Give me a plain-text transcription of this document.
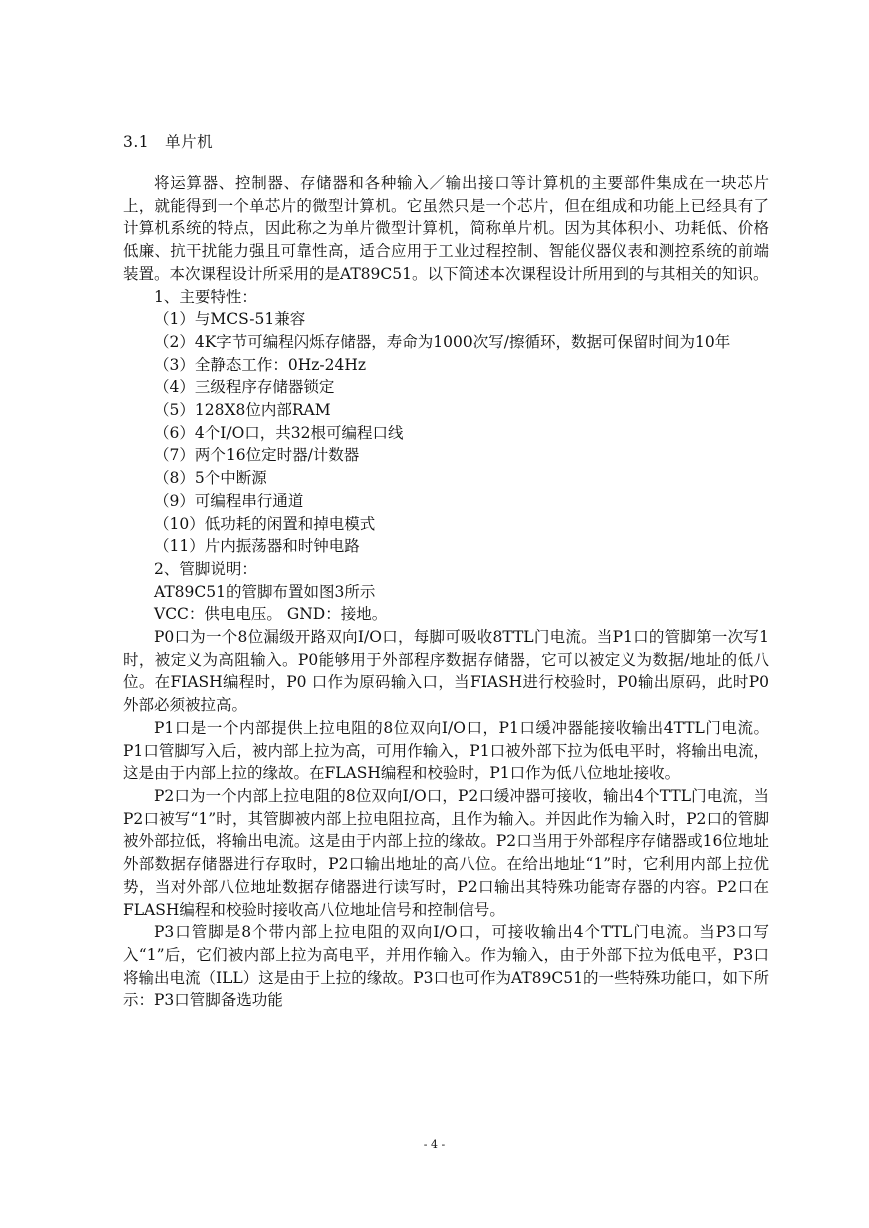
3.1　单片机

将运算器、控制器、存储器和各种输入／输出接口等计算机的主要部件集成在一块芯片上，就能得到一个单芯片的微型计算机。它虽然只是一个芯片，但在组成和功能上已经具有了计算机系统的特点，因此称之为单片微型计算机，简称单片机。因为其体积小、功耗低、价格低廉、抗干扰能力强且可靠性高，适合应用于工业过程控制、智能仪器仪表和测控系统的前端装置。本次课程设计所采用的是AT89C51。以下简述本次课程设计所用到的与其相关的知识。

1、主要特性：

（1）与MCS-51兼容

（2）4K字节可编程闪烁存储器，寿命为1000次写/擦循环，数据可保留时间为10年

（3）全静态工作：0Hz-24Hz

（4）三级程序存储器锁定

（5）128X8位内部RAM

（6）4个I/O口，共32根可编程口线

（7）两个16位定时器/计数器

（8）5个中断源

（9）可编程串行通道

（10）低功耗的闲置和掉电模式

（11）片内振荡器和时钟电路

2、管脚说明：

AT89C51的管脚布置如图3所示

VCC：供电电压。 GND：接地。

P0口为一个8位漏级开路双向I/O口，每脚可吸收8TTL门电流。当P1口的管脚第一次写1时，被定义为高阻输入。P0能够用于外部程序数据存储器，它可以被定义为数据/地址的低八位。在FIASH编程时，P0 口作为原码输入口，当FIASH进行校验时，P0输出原码，此时P0外部必须被拉高。

P1口是一个内部提供上拉电阻的8位双向I/O口，P1口缓冲器能接收输出4TTL门电流。P1口管脚写入后，被内部上拉为高，可用作输入，P1口被外部下拉为低电平时，将输出电流，这是由于内部上拉的缘故。在FLASH编程和校验时，P1口作为低八位地址接收。

P2口为一个内部上拉电阻的8位双向I/O口，P2口缓冲器可接收，输出4个TTL门电流，当P2口被写“1”时，其管脚被内部上拉电阻拉高，且作为输入。并因此作为输入时，P2口的管脚被外部拉低，将输出电流。这是由于内部上拉的缘故。P2口当用于外部程序存储器或16位地址外部数据存储器进行存取时，P2口输出地址的高八位。在给出地址“1”时，它利用内部上拉优势，当对外部八位地址数据存储器进行读写时，P2口输出其特殊功能寄存器的内容。P2口在FLASH编程和校验时接收高八位地址信号和控制信号。

P3口管脚是8个带内部上拉电阻的双向I/O口，可接收输出4个TTL门电流。当P3口写入“1”后，它们被内部上拉为高电平，并用作输入。作为输入，由于外部下拉为低电平，P3口将输出电流（ILL）这是由于上拉的缘故。P3口也可作为AT89C51的一些特殊功能口，如下所示：P3口管脚备选功能

- 4 -
